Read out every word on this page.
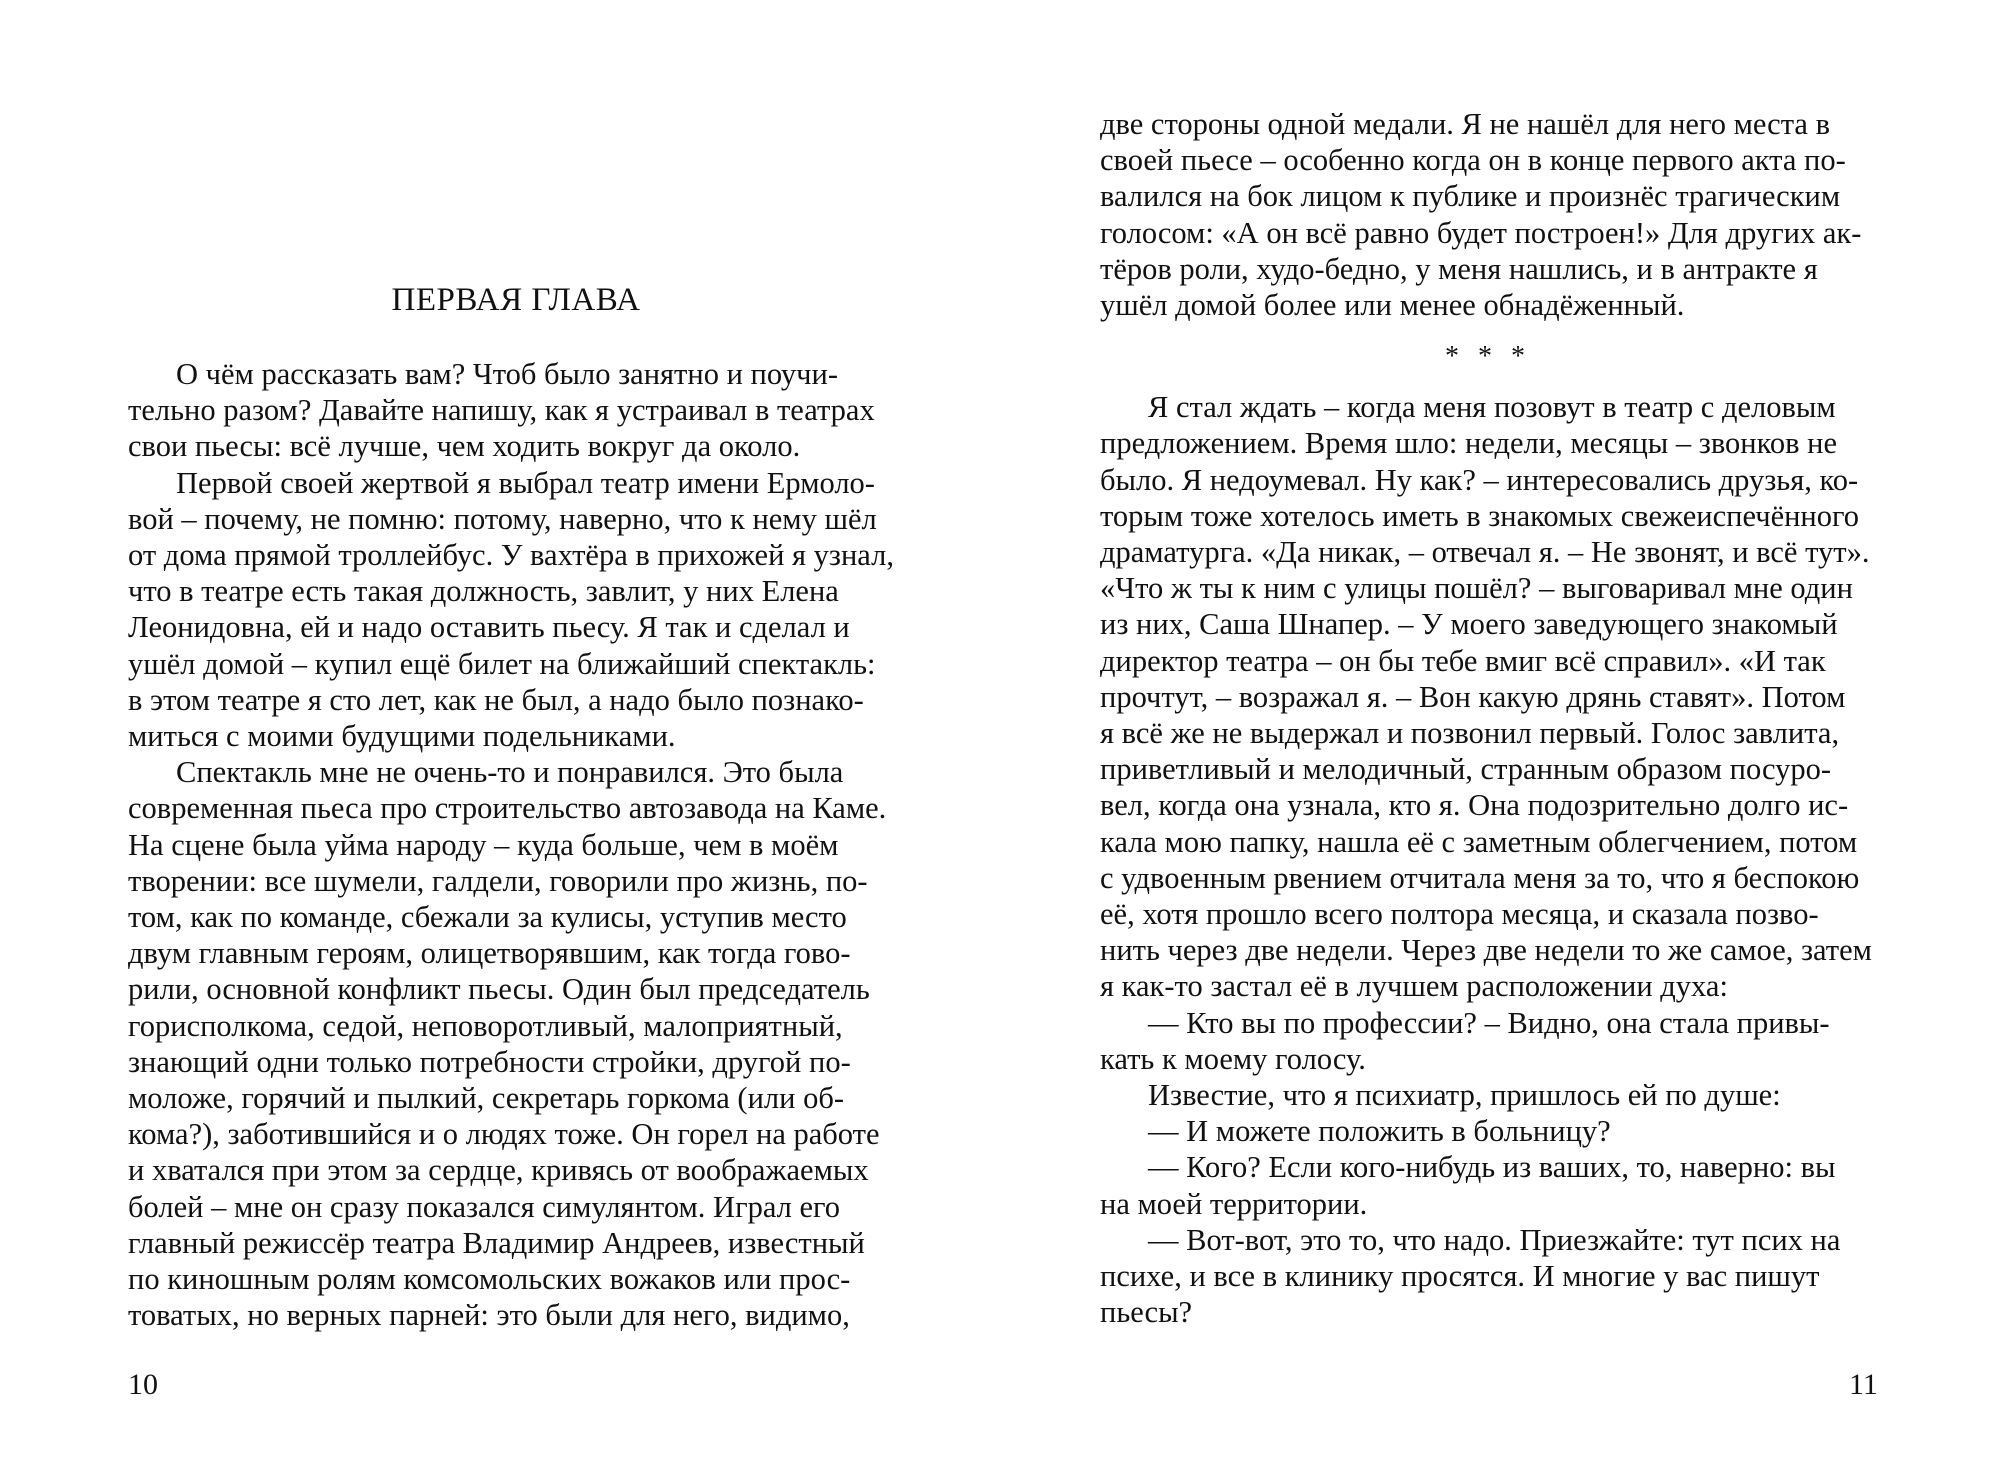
ПЕРВАЯ ГЛАВА

О чём рассказать вам? Чтоб было занятно и поучи-
тельно разом? Давайте напишу, как я устраивал в театрах
свои пьесы: всё лучше, чем ходить вокруг да около.

Первой своей жертвой я выбрал театр имени Ермоло-
вой – почему, не помню: потому, наверно, что к нему шёл
от дома прямой троллейбус. У вахтёра в прихожей я узнал,
что в театре есть такая должность, завлит, у них Елена
Леонидовна, ей и надо оставить пьесу. Я так и сделал и
ушёл домой – купил ещё билет на ближайший спектакль:
в этом театре я сто лет, как не был, а надо было познако-
миться с моими будущими подельниками.

Спектакль мне не очень-то и понравился. Это была
современная пьеса про строительство автозавода на Каме.
На сцене была уйма народу – куда больше, чем в моём
творении: все шумели, галдели, говорили про жизнь, по-
том, как по команде, сбежали за кулисы, уступив место
двум главным героям, олицетворявшим, как тогда гово-
рили, основной конфликт пьесы. Один был председатель
горисполкома, седой, неповоротливый, малоприятный,
знающий одни только потребности стройки, другой по-
моложе, горячий и пылкий, секретарь горкома (или об-
кома?), заботившийся и о людях тоже. Он горел на работе
и хватался при этом за сердце, кривясь от воображаемых
болей – мне он сразу показался симулянтом. Играл его
главный режиссёр театра Владимир Андреев, известный
по киношным ролям комсомольских вожаков или прос-
товатых, но верных парней: это были для него, видимо,

10

две стороны одной медали. Я не нашёл для него места в
своей пьесе – особенно когда он в конце первого акта по-
валился на бок лицом к публике и произнёс трагическим
голосом: «А он всё равно будет построен!» Для других ак-
тёров роли, худо-бедно, у меня нашлись, и в антракте я
ушёл домой более или менее обнадёженный.

* * *

Я стал ждать – когда меня позовут в театр с деловым
предложением. Время шло: недели, месяцы – звонков не
было. Я недоумевал. Ну как? – интересовались друзья, ко-
торым тоже хотелось иметь в знакомых свежеиспечённого
драматурга. «Да никак, – отвечал я. – Не звонят, и всё тут».
«Что ж ты к ним с улицы пошёл? – выговаривал мне один
из них, Саша Шнапер. – У моего заведующего знакомый
директор театра – он бы тебе вмиг всё справил». «И так
прочтут, – возражал я. – Вон какую дрянь ставят». Потом
я всё же не выдержал и позвонил первый. Голос завлита,
приветливый и мелодичный, странным образом посуро-
вел, когда она узнала, кто я. Она подозрительно долго ис-
кала мою папку, нашла её с заметным облегчением, потом
с удвоенным рвением отчитала меня за то, что я беспокою
её, хотя прошло всего полтора месяца, и сказала позво-
нить через две недели. Через две недели то же самое, затем
я как-то застал её в лучшем расположении духа:

— Кто вы по профессии? – Видно, она стала привы-
кать к моему голосу.

Известие, что я психиатр, пришлось ей по душе:

— И можете положить в больницу?

— Кого? Если кого-нибудь из ваших, то, наверно: вы
на моей территории.

— Вот-вот, это то, что надо. Приезжайте: тут псих на
психе, и все в клинику просятся. И многие у вас пишут
пьесы?

11
